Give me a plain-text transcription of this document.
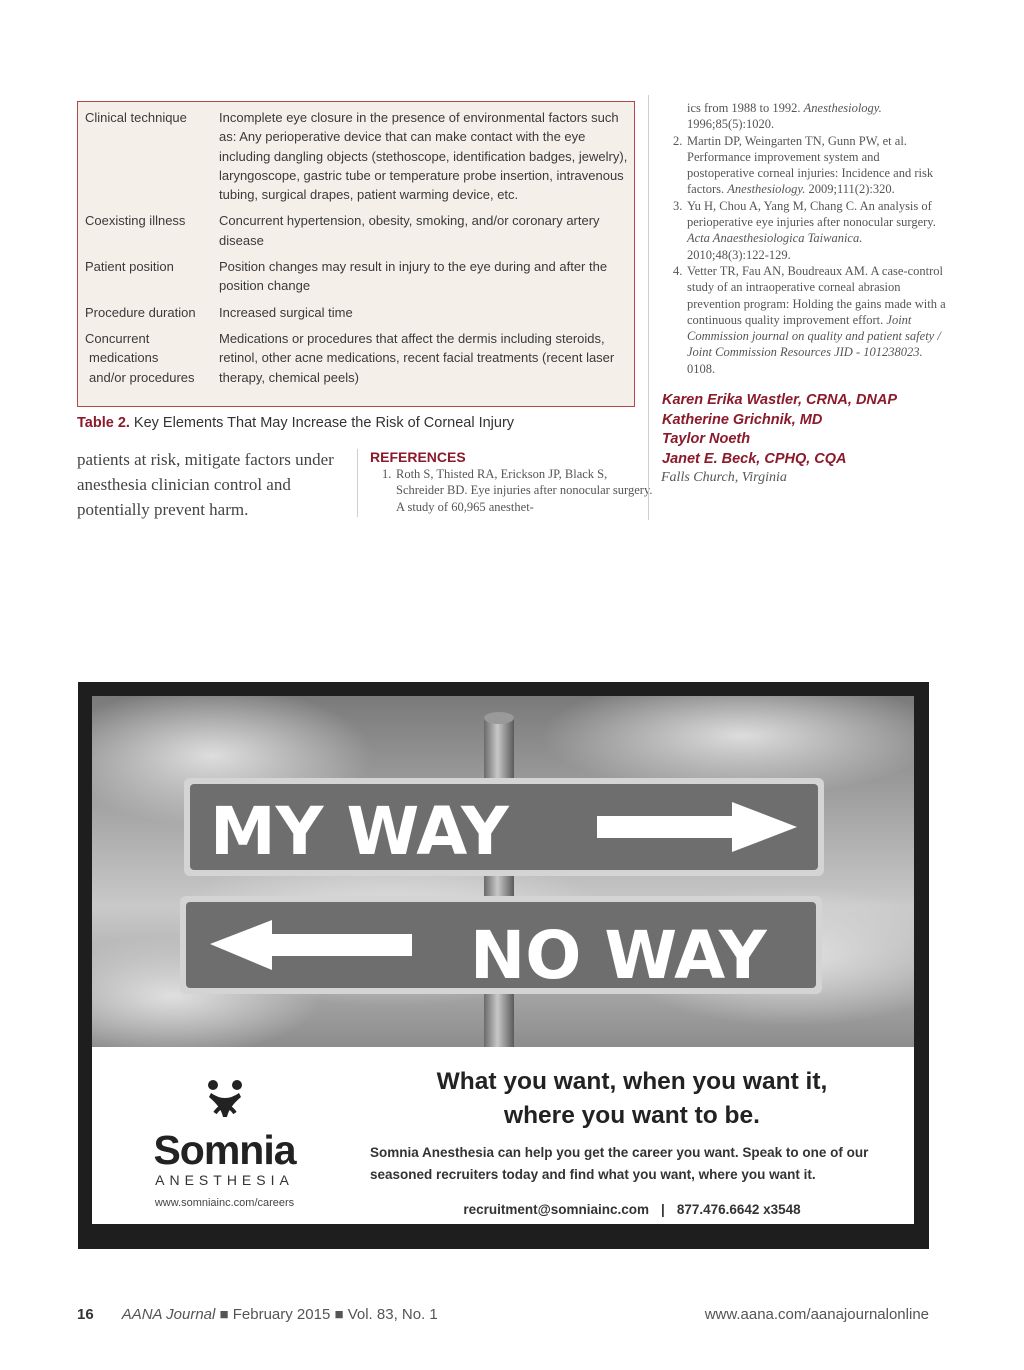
Clinical technique	Incomplete eye closure in the presence of environmental factors such as: Any perioperative device that can make contact with the eye including dangling objects (stethoscope, identification badges, jewelry), laryngoscope, gastric tube or temperature probe insertion, intravenous tubing, surgical drapes, patient warming device, etc.

Coexisting illness	Concurrent hypertension, obesity, smoking, and/or coronary artery disease

Patient position	Position changes may result in injury to the eye during and after the position change

Procedure duration	Increased surgical time

Concurrent
medications
and/or procedures	Medications or procedures that affect the dermis including steroids, retinol, other acne medications, recent facial treatments (recent laser therapy, chemical peels)
Table 2. Key Elements That May Increase the Risk of Corneal Injury
patients at risk, mitigate factors under anesthesia clinician control and potentially prevent harm.
REFERENCES
1. Roth S, Thisted RA, Erickson JP, Black S, Schreider BD. Eye injuries after nonocular surgery. A study of 60,965 anesthet-
ics from 1988 to 1992. Anesthesiology. 1996;85(5):1020.
2. Martin DP, Weingarten TN, Gunn PW, et al. Performance improvement system and postoperative corneal injuries: Incidence and risk factors. Anesthesiology. 2009;111(2):320.
3. Yu H, Chou A, Yang M, Chang C. An analysis of perioperative eye injuries after nonocular surgery. Acta Anaesthesiologica Taiwanica. 2010;48(3):122-129.
4. Vetter TR, Fau AN, Boudreaux AM. A case-control study of an intraoperative corneal abrasion prevention program: Holding the gains made with a continuous quality improvement effort. Joint Commission journal on quality and patient safety / Joint Commission Resources JID - 101238023. 0108.
Karen Erika Wastler, CRNA, DNAP
Katherine Grichnik, MD
Taylor Noeth
Janet E. Beck, CPHQ, CQA
Falls Church, Virginia
MY WAY
NO WAY
Somnia
ANESTHESIA
www.somniainc.com/careers
What you want, when you want it,
where you want to be.
Somnia Anesthesia can help you get the career you want. Speak to one of our seasoned recruiters today and find what you want, where you want it.
recruitment@somniainc.com | 877.476.6642 x3548
16 AANA Journal ■ February 2015 ■ Vol. 83, No. 1	www.aana.com/aanajournalonline
